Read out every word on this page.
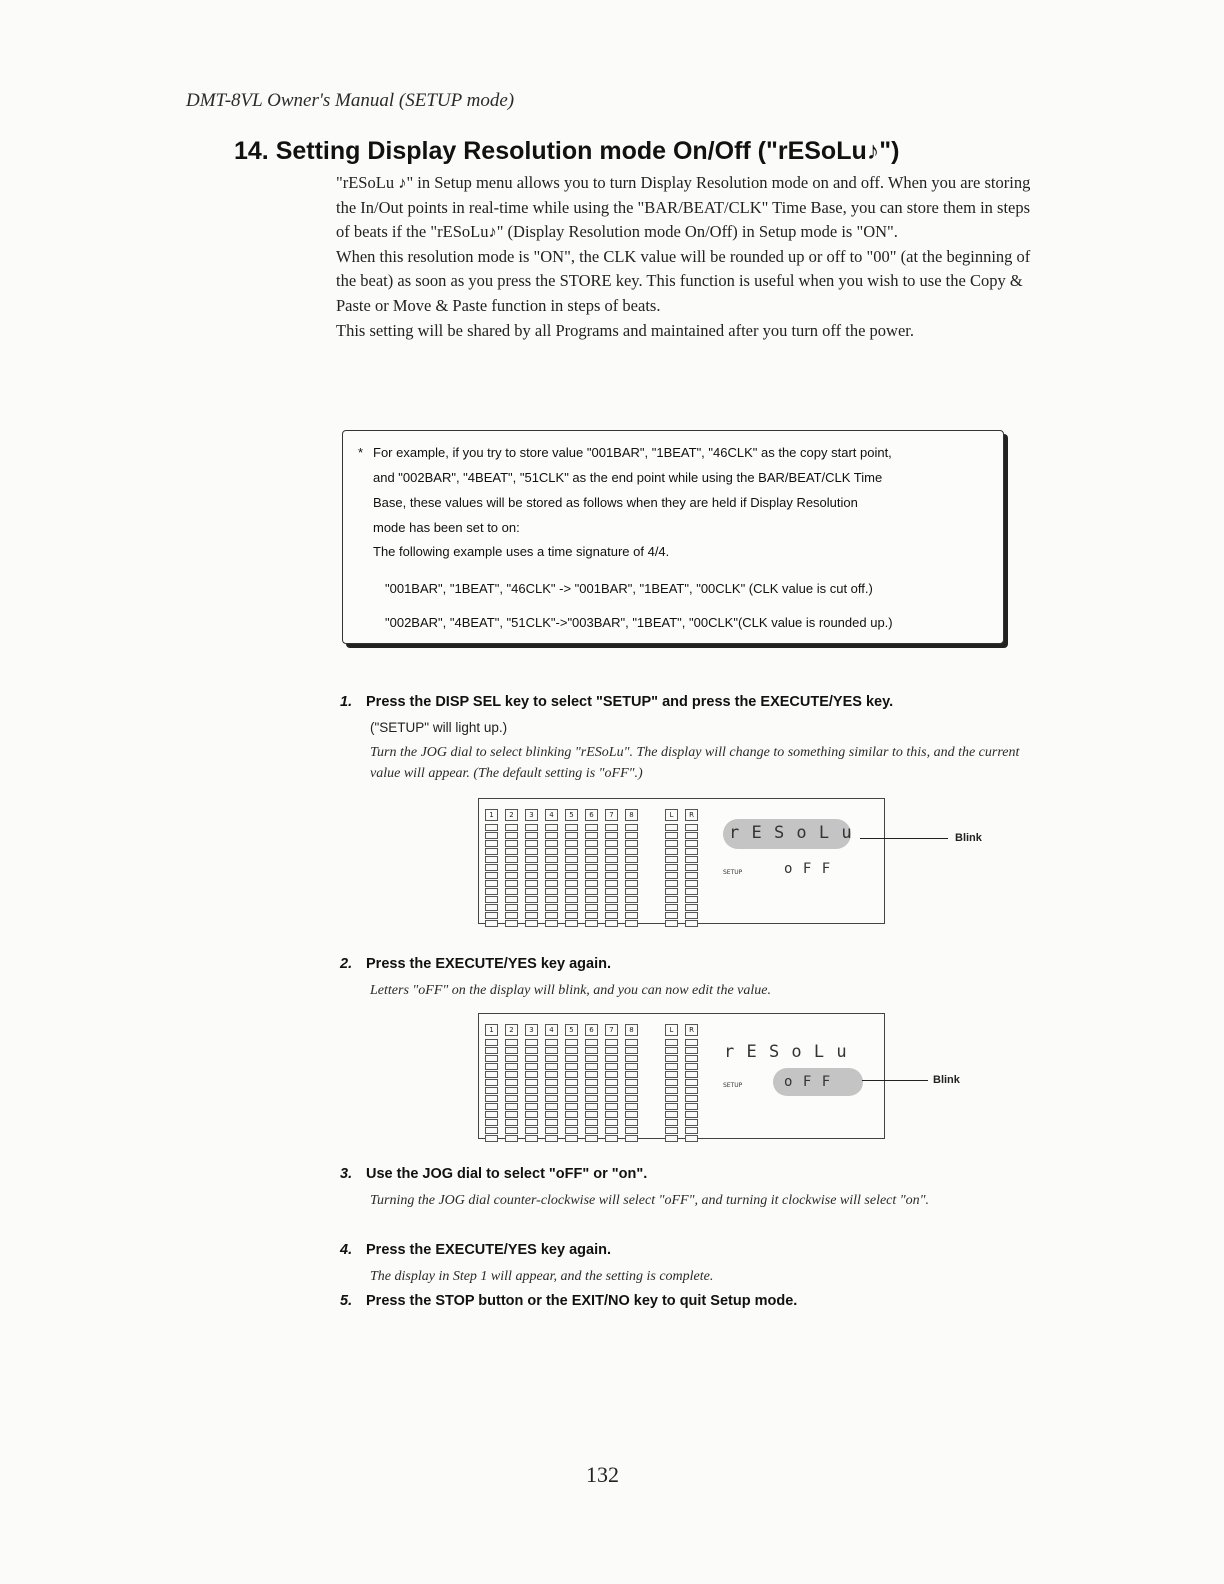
DMT-8VL Owner's Manual (SETUP mode)
14. Setting Display Resolution mode On/Off ("rESoLu♪")

"rESoLu ♪" in Setup menu allows you to turn Display Resolution mode on and off. When you are storing the In/Out points in real-time while using the "BAR/BEAT/CLK" Time Base, you can store them in steps of beats if the "rESoLu♪" (Display Resolution mode On/Off) in Setup mode is "ON".

When this resolution mode is "ON", the CLK value will be rounded up or off to "00" (at the beginning of the beat) as soon as you press the STORE key. This function is useful when you wish to use the Copy & Paste or Move & Paste function in steps of beats.

This setting will be shared by all Programs and maintained after you turn off the power.

* For example, if you try to store value "001BAR", "1BEAT", "46CLK" as the copy start point,
and "002BAR", "4BEAT", "51CLK" as the end point while using the BAR/BEAT/CLK Time
Base, these values will be stored as follows when they are held if Display Resolution
mode has been set to on:
The following example uses a time signature of 4/4.
"001BAR", "1BEAT", "46CLK" -> "001BAR", "1BEAT", "00CLK" (CLK value is cut off.)
"002BAR", "4BEAT", "51CLK"->"003BAR", "1BEAT", "00CLK"(CLK value is rounded up.)
1. Press the DISP SEL key to select "SETUP" and press the EXECUTE/YES key.
("SETUP" will light up.)
Turn the JOG dial to select blinking "rESoLu". The display will change to something similar to this, and the current value will appear. (The default setting is "oFF".)
1	2	3	4	5	6	7	8	L	R
r E S o L u
SETUP	o F F
Blink
2. Press the EXECUTE/YES key again.
Letters "oFF" on the display will blink, and you can now edit the value.
1	2	3	4	5	6	7	8	L	R
r E S o L u
SETUP	o F F	Blink
3. Use the JOG dial to select "oFF" or "on".
Turning the JOG dial counter-clockwise will select "oFF", and turning it clockwise will select "on".
4. Press the EXECUTE/YES key again.
The display in Step 1 will appear, and the setting is complete.
5. Press the STOP button or the EXIT/NO key to quit Setup mode.
132
